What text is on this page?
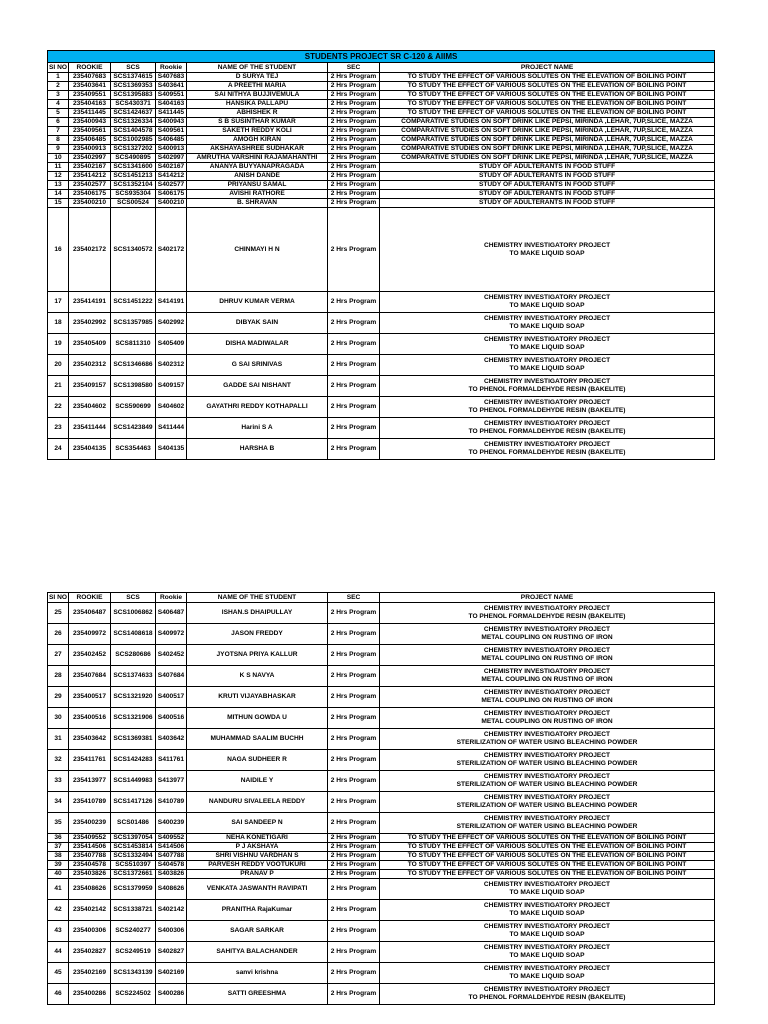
STUDENTS PROJECT SR C-120 & AIIMS						
SI NO	ROOKIE	SCS	Rookie	NAME OF THE STUDENT	SEC	PROJECT NAME
1	235407683	SCS1374615	S407683	D SURYA TEJ	2 Hrs Program	TO STUDY THE EFFECT OF VARIOUS SOLUTES ON THE ELEVATION OF BOILING POINT
2	235403641	SCS1369353	S403641	A PREETHI MARIA	2 Hrs Program	TO STUDY THE EFFECT OF VARIOUS SOLUTES ON THE ELEVATION OF BOILING POINT
3	235409551	SCS1395883	S409551	SAI NITHYA BUJJIVEMULA	2 Hrs Program	TO STUDY THE EFFECT OF VARIOUS SOLUTES ON THE ELEVATION OF BOILING POINT
4	235404163	SCS430371	S404163	HANSIKA PALLAPU	2 Hrs Program	TO STUDY THE EFFECT OF VARIOUS SOLUTES ON THE ELEVATION OF BOILING POINT
5	235411445	SCS1424637	S411445	ABHISHEK R	2 Hrs Program	TO STUDY THE EFFECT OF VARIOUS SOLUTES ON THE ELEVATION OF BOILING POINT
6	235400943	SCS1326334	S400943	S B SUSINTHAR KUMAR	2 Hrs Program	COMPARATIVE STUDIES ON SOFT DRINK LIKE PEPSI, MIRINDA ,LEHAR, 7UP,SLICE, MAZZA
7	235409561	SCS1404578	S409561	SAKETH REDDY KOLI	2 Hrs Program	COMPARATIVE STUDIES ON SOFT DRINK LIKE PEPSI, MIRINDA ,LEHAR, 7UP,SLICE, MAZZA
8	235406485	SCS1002985	S406485	AMOGH KIRAN	2 Hrs Program	COMPARATIVE STUDIES ON SOFT DRINK LIKE PEPSI, MIRINDA ,LEHAR, 7UP,SLICE, MAZZA
9	235400913	SCS1327202	S400913	AKSHAYASHREE SUDHAKAR	2 Hrs Program	COMPARATIVE STUDIES ON SOFT DRINK LIKE PEPSI, MIRINDA ,LEHAR, 7UP,SLICE, MAZZA
10	235402997	SCS490895	S402997	AMRUTHA VARSHINI RAJAMAHANTHI	2 Hrs Program	COMPARATIVE STUDIES ON SOFT DRINK LIKE PEPSI, MIRINDA ,LEHAR, 7UP,SLICE, MAZZA
11	235402167	SCS1341600	S402167	ANANYA BUYYANAPRAGADA	2 Hrs Program	STUDY OF ADULTERANTS IN FOOD STUFF
12	235414212	SCS1451213	S414212	ANISH DANDE	2 Hrs Program	STUDY OF ADULTERANTS IN FOOD STUFF
13	235402577	SCS1352104	S402577	PRIYANSU SAMAL	2 Hrs Program	STUDY OF ADULTERANTS IN FOOD STUFF
14	235406175	SCS935304	S406175	AVISHI RATHORE	2 Hrs Program	STUDY OF ADULTERANTS IN FOOD STUFF
15	235400210	SCS00524	S400210	B. SHRAVAN	2 Hrs Program	STUDY OF ADULTERANTS IN FOOD STUFF
16	235402172	SCS1340572	S402172	CHINMAYI H N	2 Hrs Program	CHEMISTRY INVESTIGATORY PROJECT
TO MAKE LIQUID SOAP
17	235414191	SCS1451222	S414191	DHRUV KUMAR VERMA	2 Hrs Program	CHEMISTRY INVESTIGATORY PROJECT
TO MAKE LIQUID SOAP
18	235402992	SCS1357985	S402992	DIBYAK SAIN	2 Hrs Program	CHEMISTRY INVESTIGATORY PROJECT
TO MAKE LIQUID SOAP
19	235405409	SCS811310	S405409	DISHA MADIWALAR	2 Hrs Program	CHEMISTRY INVESTIGATORY PROJECT
TO MAKE LIQUID SOAP
20	235402312	SCS1346686	S402312	G SAI SRINIVAS	2 Hrs Program	CHEMISTRY INVESTIGATORY PROJECT
TO MAKE LIQUID SOAP
21	235409157	SCS1398580	S409157	GADDE SAI NISHANT	2 Hrs Program	CHEMISTRY INVESTIGATORY PROJECT
TO PHENOL FORMALDEHYDE RESIN (BAKELITE)
22	235404602	SCS590699	S404602	GAYATHRI REDDY KOTHAPALLI	2 Hrs Program	CHEMISTRY INVESTIGATORY PROJECT
TO PHENOL FORMALDEHYDE RESIN (BAKELITE)
23	235411444	SCS1423849	S411444	Harini S A	2 Hrs Program	CHEMISTRY INVESTIGATORY PROJECT
TO PHENOL FORMALDEHYDE RESIN (BAKELITE)
24	235404135	SCS354463	S404135	HARSHA B	2 Hrs Program	CHEMISTRY INVESTIGATORY PROJECT
TO PHENOL FORMALDEHYDE RESIN (BAKELITE)
SI NO	ROOKIE	SCS	Rookie	NAME OF THE STUDENT	SEC	PROJECT NAME
25	235406487	SCS1006862	S406487	ISHAN.S DHAIPULLAY	2 Hrs Program	CHEMISTRY INVESTIGATORY PROJECT
TO PHENOL FORMALDEHYDE RESIN (BAKELITE)
26	235409972	SCS1408618	S409972	JASON FREDDY	2 Hrs Program	CHEMISTRY INVESTIGATORY PROJECT
METAL COUPLING ON RUSTING OF IRON
27	235402452	SCS280686	S402452	JYOTSNA PRIYA KALLUR	2 Hrs Program	CHEMISTRY INVESTIGATORY PROJECT
METAL COUPLING ON RUSTING OF IRON
28	235407684	SCS1374633	S407684	K S NAVYA	2 Hrs Program	CHEMISTRY INVESTIGATORY PROJECT
METAL COUPLING ON RUSTING OF IRON
29	235400517	SCS1321920	S400517	KRUTI VIJAYABHASKAR	2 Hrs Program	CHEMISTRY INVESTIGATORY PROJECT
METAL COUPLING ON RUSTING OF IRON
30	235400516	SCS1321906	S400516	MITHUN GOWDA U	2 Hrs Program	CHEMISTRY INVESTIGATORY PROJECT
METAL COUPLING ON RUSTING OF IRON
31	235403642	SCS1369381	S403642	MUHAMMAD SAALIM BUCHH	2 Hrs Program	CHEMISTRY INVESTIGATORY PROJECT
STERILIZATION OF WATER USING BLEACHING POWDER
32	235411761	SCS1424283	S411761	NAGA SUDHEER R	2 Hrs Program	CHEMISTRY INVESTIGATORY PROJECT
STERILIZATION OF WATER USING BLEACHING POWDER
33	235413977	SCS1449983	S413977	NAIDILE Y	2 Hrs Program	CHEMISTRY INVESTIGATORY PROJECT
STERILIZATION OF WATER USING BLEACHING POWDER
34	235410789	SCS1417126	S410789	NANDURU SIVALEELA REDDY	2 Hrs Program	CHEMISTRY INVESTIGATORY PROJECT
STERILIZATION OF WATER USING BLEACHING POWDER
35	235400239	SCS01486	S400239	SAI SANDEEP N	2 Hrs Program	CHEMISTRY INVESTIGATORY PROJECT
STERILIZATION OF WATER USING BLEACHING POWDER
36	235409552	SCS1397054	S409552	NEHA KONETIGARI	2 Hrs Program	TO STUDY THE EFFECT OF VARIOUS SOLUTES ON THE ELEVATION OF BOILING POINT
37	235414506	SCS1453814	S414506	P J AKSHAYA	2 Hrs Program	TO STUDY THE EFFECT OF VARIOUS SOLUTES ON THE ELEVATION OF BOILING POINT
38	235407788	SCS1332494	S407788	SHRI VISHNU VARDHAN S	2 Hrs Program	TO STUDY THE EFFECT OF VARIOUS SOLUTES ON THE ELEVATION OF BOILING POINT
39	235404578	SCS510397	S404578	PARVESH REDDY VOOTUKURI	2 Hrs Program	TO STUDY THE EFFECT OF VARIOUS SOLUTES ON THE ELEVATION OF BOILING POINT
40	235403826	SCS1372661	S403826	PRANAV P	2 Hrs Program	TO STUDY THE EFFECT OF VARIOUS SOLUTES ON THE ELEVATION OF BOILING POINT
41	235408626	SCS1379959	S408626	VENKATA JASWANTH RAVIPATI	2 Hrs Program	CHEMISTRY INVESTIGATORY PROJECT
TO MAKE LIQUID SOAP
42	235402142	SCS1338721	S402142	PRANITHA RajaKumar	2 Hrs Program	CHEMISTRY INVESTIGATORY PROJECT
TO MAKE LIQUID SOAP
43	235400306	SCS240277	S400306	SAGAR SARKAR	2 Hrs Program	CHEMISTRY INVESTIGATORY PROJECT
TO MAKE LIQUID SOAP
44	235402827	SCS249519	S402827	SAHITYA BALACHANDER	2 Hrs Program	CHEMISTRY INVESTIGATORY PROJECT
TO MAKE LIQUID SOAP
45	235402169	SCS1343139	S402169	sanvi krishna	2 Hrs Program	CHEMISTRY INVESTIGATORY PROJECT
TO MAKE LIQUID SOAP
46	235400286	SCS224502	S400286	SATTI GREESHMA	2 Hrs Program	CHEMISTRY INVESTIGATORY PROJECT
TO PHENOL FORMALDEHYDE RESIN (BAKELITE)
